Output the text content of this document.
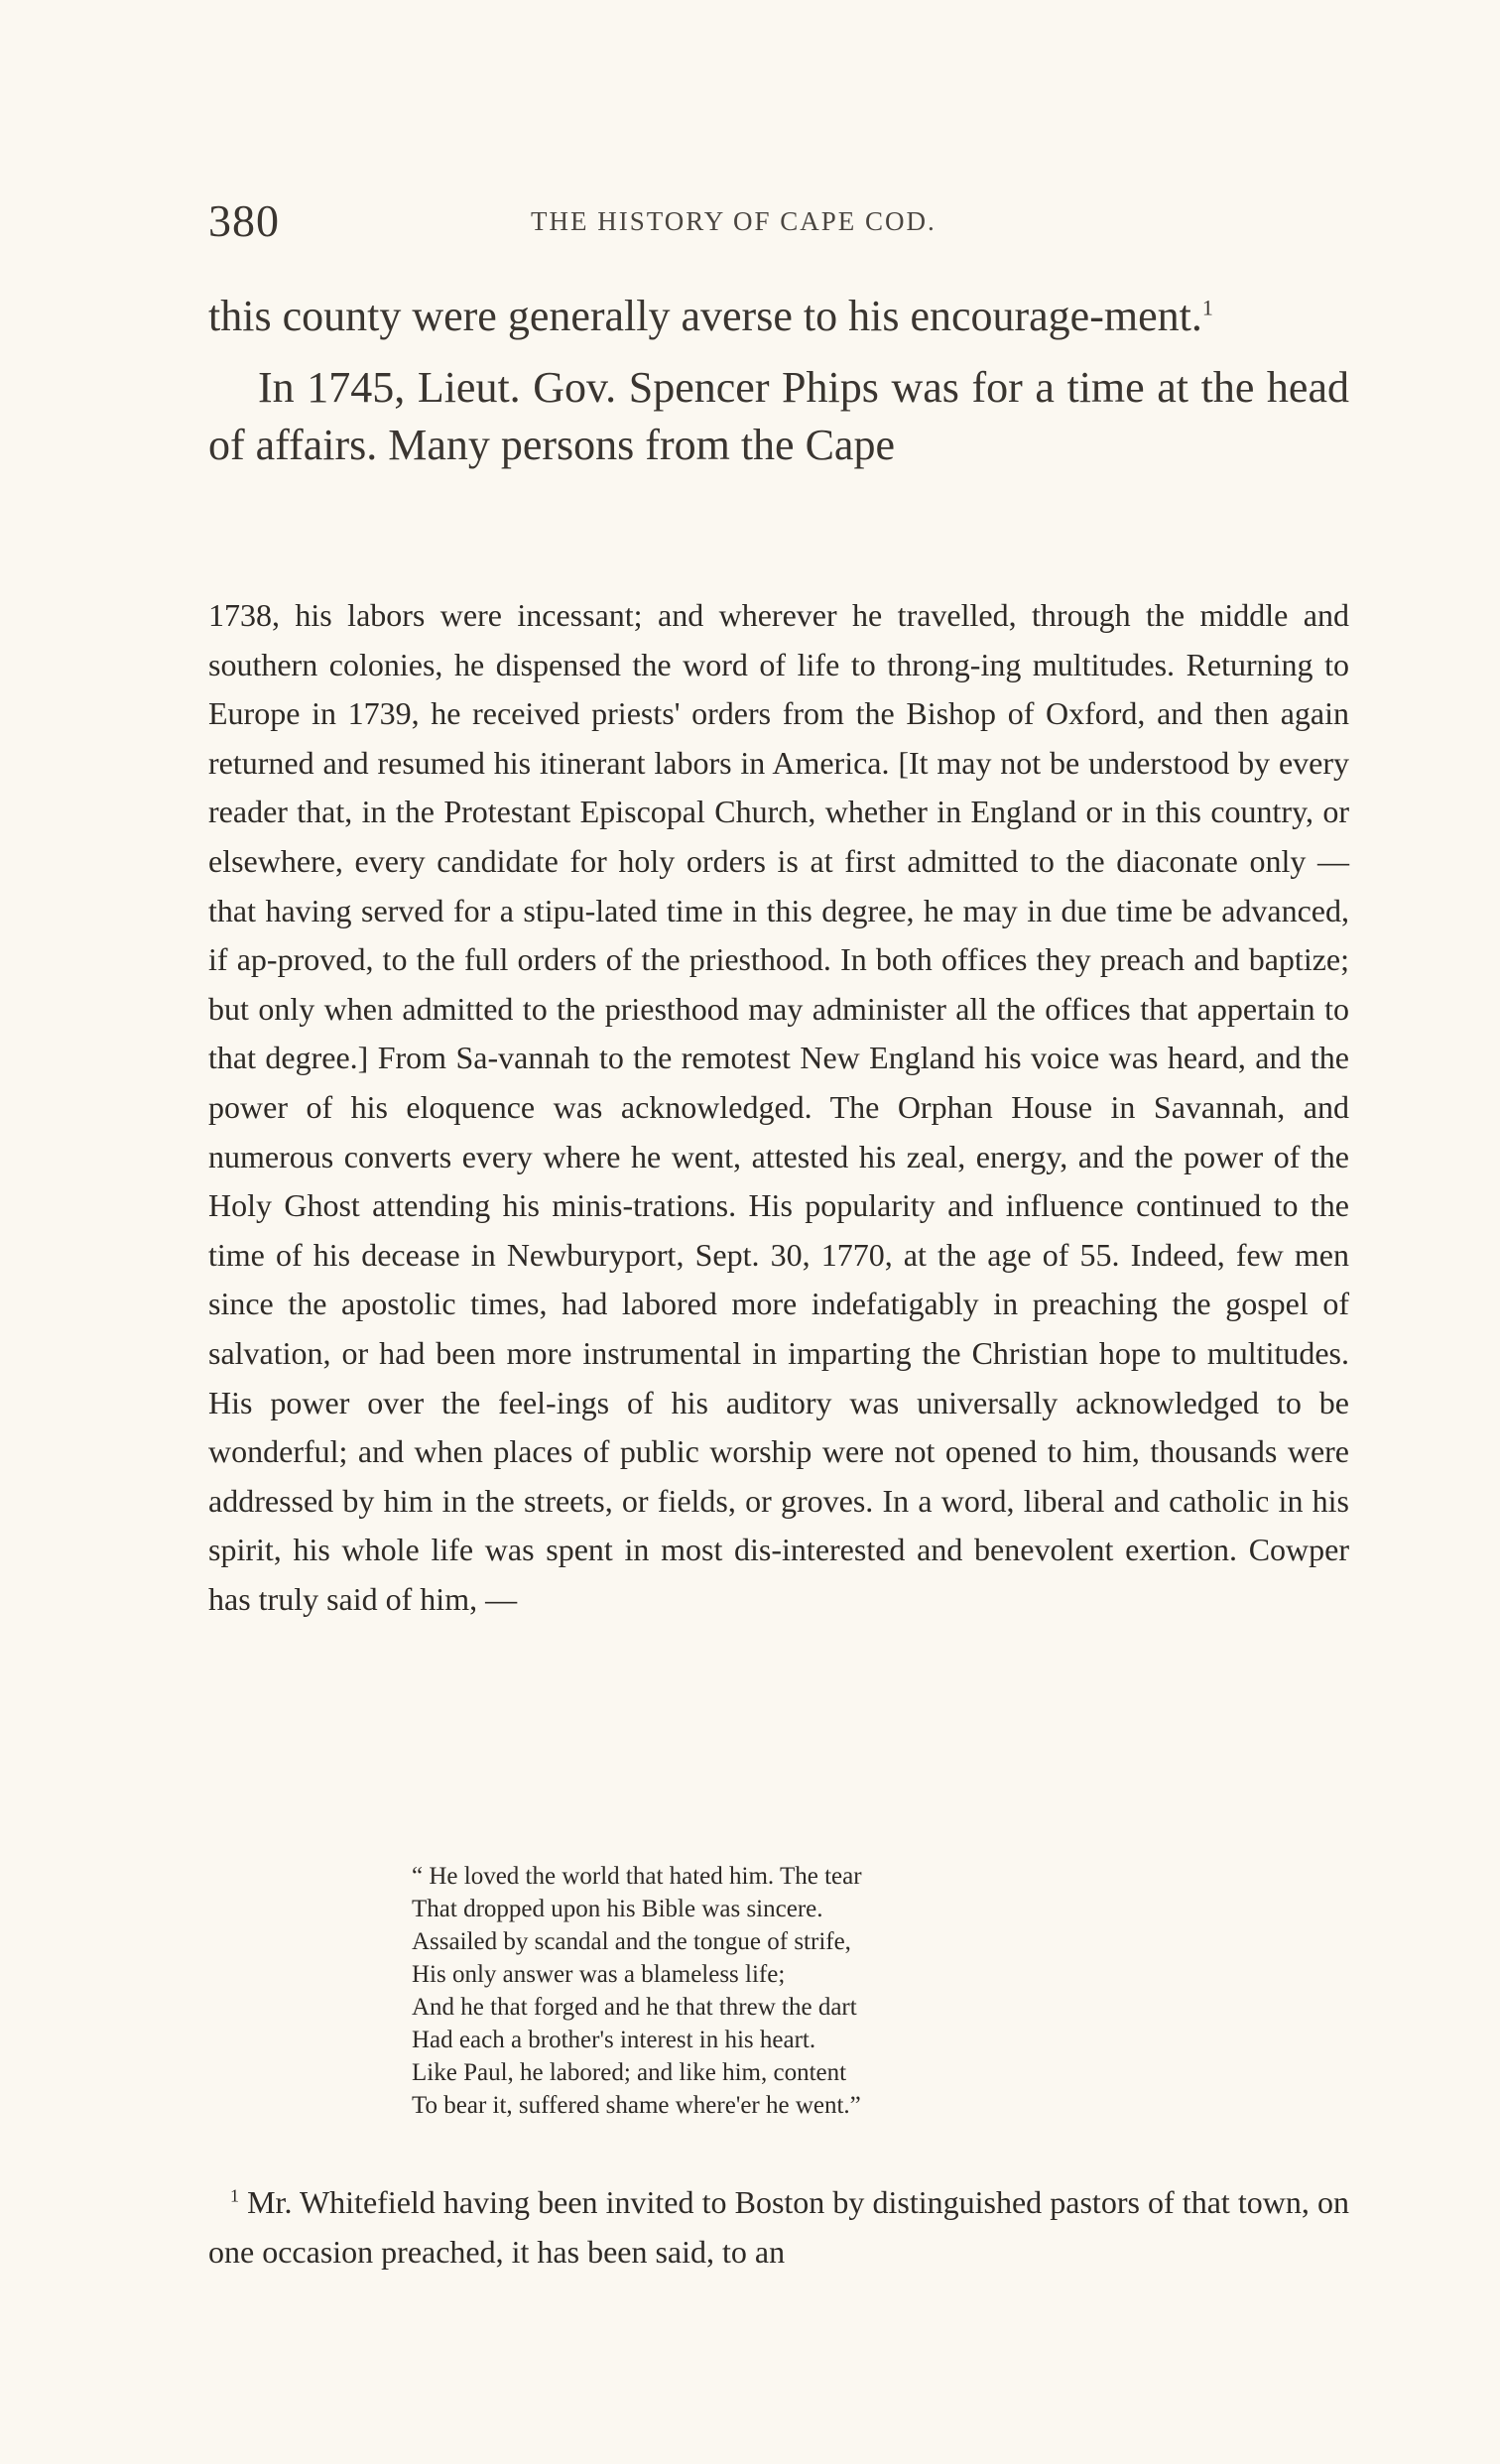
380	THE HISTORY OF CAPE COD.

this county were generally averse to his encourage-ment.$^1$

In 1745, Lieut. Gov. Spencer Phips was for a time at the head of affairs. Many persons from the Cape

1738, his labors were incessant; and wherever he travelled, through the middle and southern colonies, he dispensed the word of life to throng-ing multitudes. Returning to Europe in 1739, he received priests' orders from the Bishop of Oxford, and then again returned and resumed his itinerant labors in America. [It may not be understood by every reader that, in the Protestant Episcopal Church, whether in England or in this country, or elsewhere, every candidate for holy orders is at first admitted to the diaconate only — that having served for a stipu-lated time in this degree, he may in due time be advanced, if ap-proved, to the full orders of the priesthood. In both offices they preach and baptize; but only when admitted to the priesthood may administer all the offices that appertain to that degree.] From Sa-vannah to the remotest New England his voice was heard, and the power of his eloquence was acknowledged. The Orphan House in Savannah, and numerous converts every where he went, attested his zeal, energy, and the power of the Holy Ghost attending his minis-trations. His popularity and influence continued to the time of his decease in Newburyport, Sept. 30, 1770, at the age of 55. Indeed, few men since the apostolic times, had labored more indefatigably in preaching the gospel of salvation, or had been more instrumental in imparting the Christian hope to multitudes. His power over the feel-ings of his auditory was universally acknowledged to be wonderful; and when places of public worship were not opened to him, thousands were addressed by him in the streets, or fields, or groves. In a word, liberal and catholic in his spirit, his whole life was spent in most dis-interested and benevolent exertion. Cowper has truly said of him, —

“ He loved the world that hated him. The tear
That dropped upon his Bible was sincere.
Assailed by scandal and the tongue of strife,
His only answer was a blameless life;
And he that forged and he that threw the dart
Had each a brother's interest in his heart.
Like Paul, he labored; and like him, content
To bear it, suffered shame where'er he went.”

$^1$ Mr. Whitefield having been invited to Boston by distinguished pastors of that town, on one occasion preached, it has been said, to an
